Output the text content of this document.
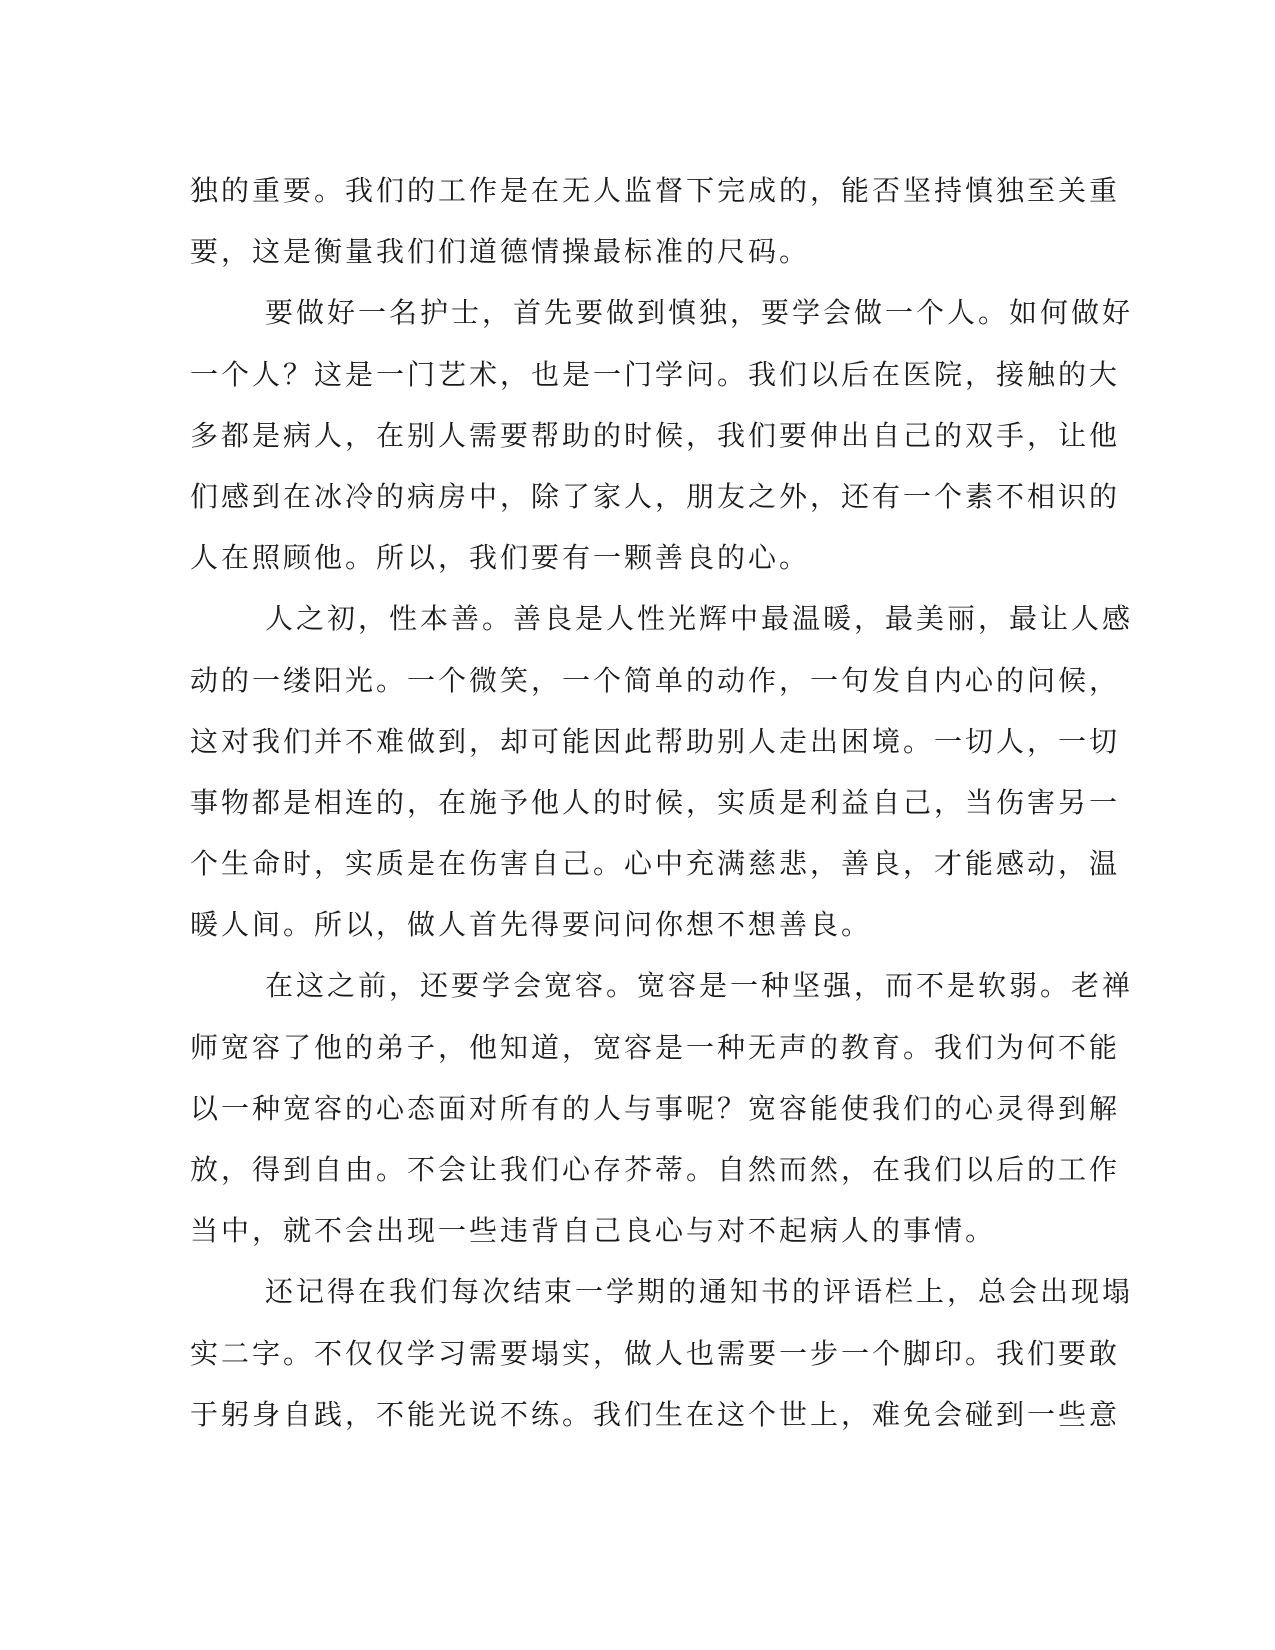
独的重要。我们的工作是在无人监督下完成的，能否坚持慎独至关重
要，这是衡量我们们道德情操最标准的尺码。
要做好一名护士，首先要做到慎独，要学会做一个人。如何做好
一个人？这是一门艺术，也是一门学问。我们以后在医院，接触的大
多都是病人，在别人需要帮助的时候，我们要伸出自己的双手，让他
们感到在冰冷的病房中，除了家人，朋友之外，还有一个素不相识的
人在照顾他。所以，我们要有一颗善良的心。
人之初，性本善。善良是人性光辉中最温暖，最美丽，最让人感
动的一缕阳光。一个微笑，一个简单的动作，一句发自内心的问候，
这对我们并不难做到，却可能因此帮助别人走出困境。一切人，一切
事物都是相连的，在施予他人的时候，实质是利益自己，当伤害另一
个生命时，实质是在伤害自己。心中充满慈悲，善良，才能感动，温
暖人间。所以，做人首先得要问问你想不想善良。
在这之前，还要学会宽容。宽容是一种坚强，而不是软弱。老禅
师宽容了他的弟子，他知道，宽容是一种无声的教育。我们为何不能
以一种宽容的心态面对所有的人与事呢？宽容能使我们的心灵得到解
放，得到自由。不会让我们心存芥蒂。自然而然，在我们以后的工作
当中，就不会出现一些违背自己良心与对不起病人的事情。
还记得在我们每次结束一学期的通知书的评语栏上，总会出现塌
实二字。不仅仅学习需要塌实，做人也需要一步一个脚印。我们要敢
于躬身自践，不能光说不练。我们生在这个世上，难免会碰到一些意
